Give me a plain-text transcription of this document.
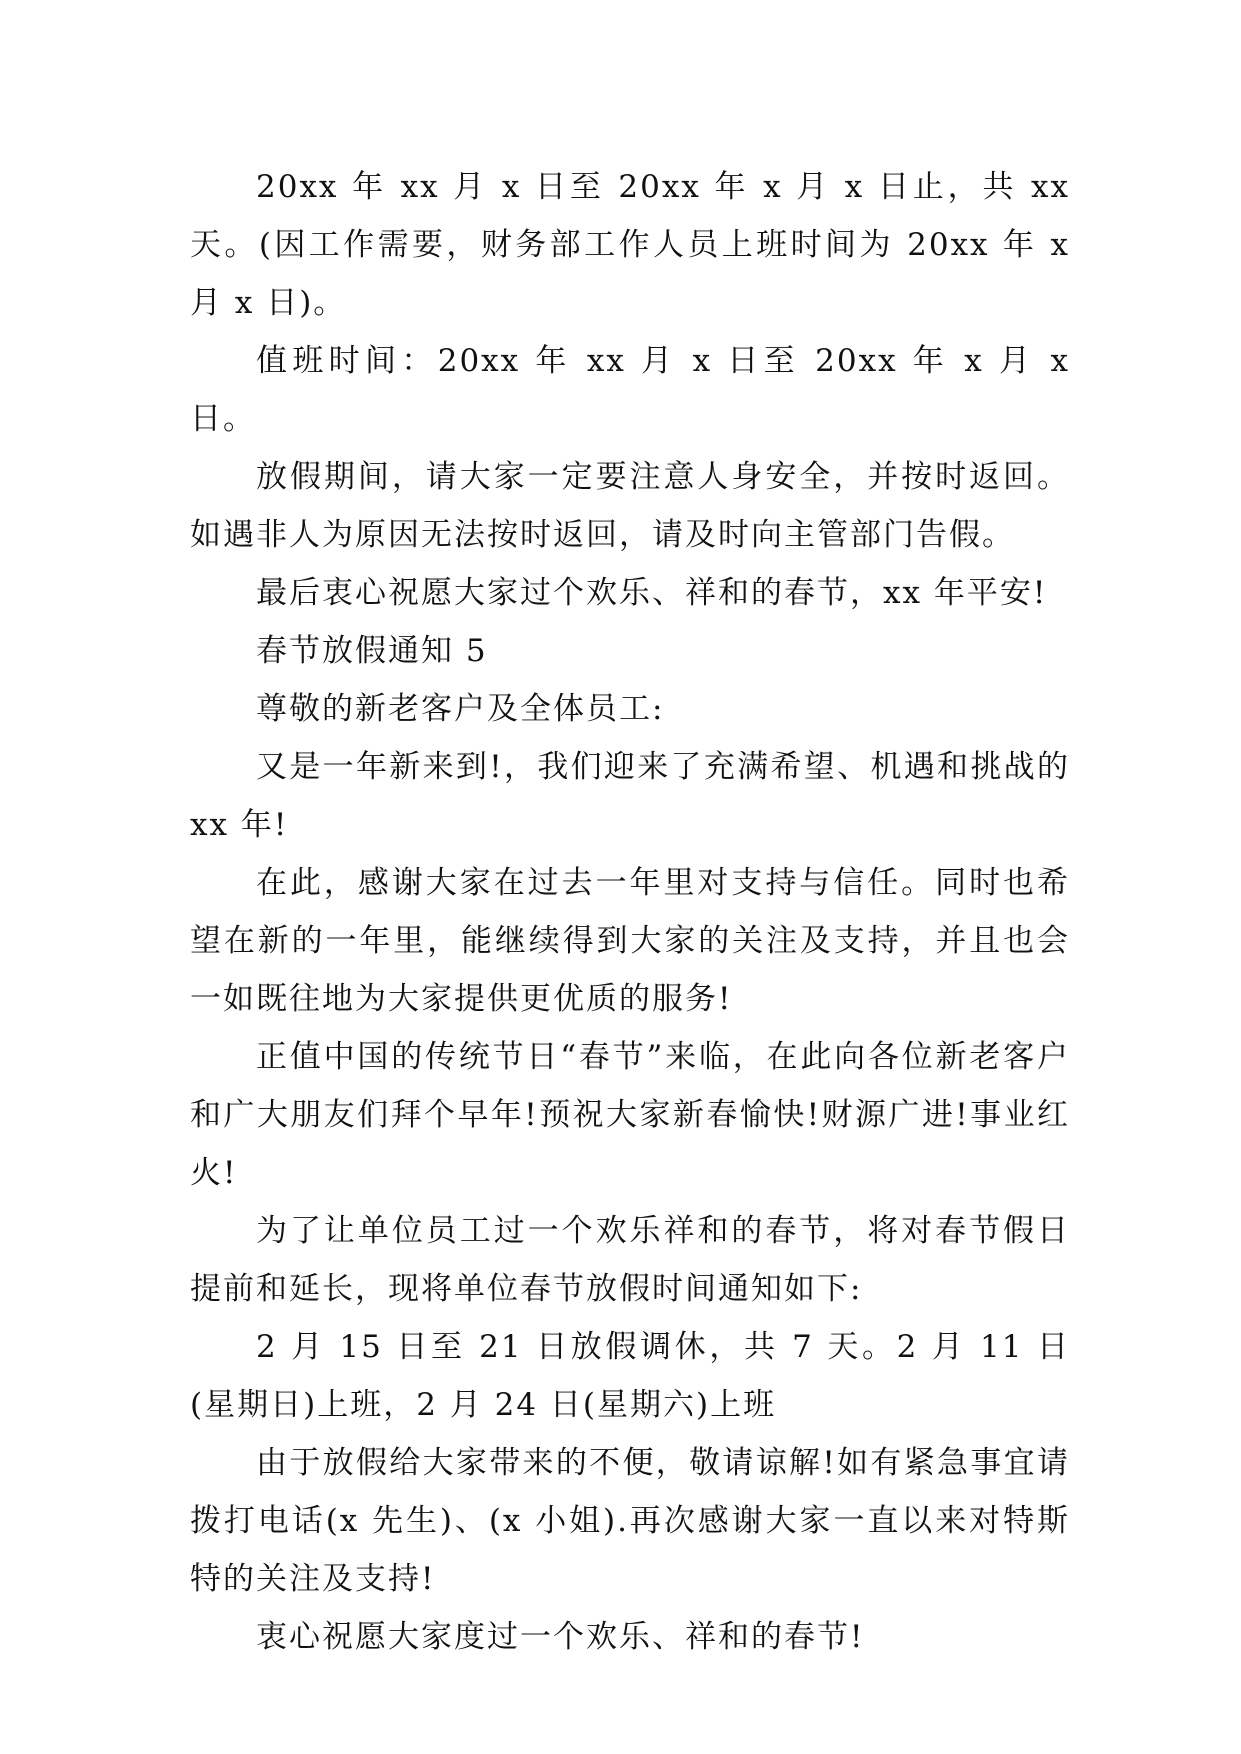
20xx 年 xx 月 x 日至 20xx 年 x 月 x 日止，共 xx 天。(因工作需要，财务部工作人员上班时间为 20xx 年 x 月 x 日)。

值班时间：20xx 年 xx 月 x 日至 20xx 年 x 月 x 日。

放假期间，请大家一定要注意人身安全，并按时返回。如遇非人为原因无法按时返回，请及时向主管部门告假。

最后衷心祝愿大家过个欢乐、祥和的春节，xx 年平安!

春节放假通知 5

尊敬的新老客户及全体员工:

又是一年新来到!，我们迎来了充满希望、机遇和挑战的 xx 年!

在此，感谢大家在过去一年里对支持与信任。同时也希望在新的一年里，能继续得到大家的关注及支持，并且也会一如既往地为大家提供更优质的服务!

正值中国的传统节日“春节”来临，在此向各位新老客户和广大朋友们拜个早年!预祝大家新春愉快!财源广进!事业红火!

为了让单位员工过一个欢乐祥和的春节，将对春节假日提前和延长，现将单位春节放假时间通知如下:

2 月 15 日至 21 日放假调休，共 7 天。2 月 11 日(星期日)上班，2 月 24 日(星期六)上班

由于放假给大家带来的不便，敬请谅解!如有紧急事宜请拨打电话(x 先生)、(x 小姐).再次感谢大家一直以来对特斯特的关注及支持!

衷心祝愿大家度过一个欢乐、祥和的春节!
